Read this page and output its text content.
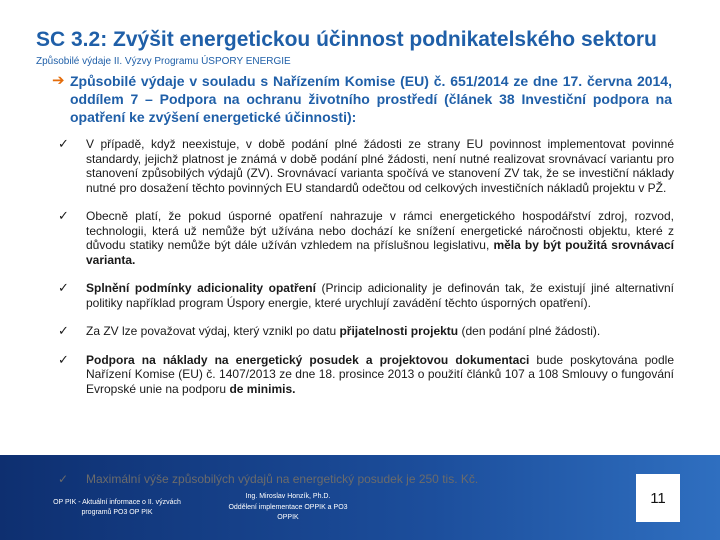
SC 3.2: Zvýšit energetickou účinnost podnikatelského sektoru
Způsobilé výdaje II. Výzvy Programu ÚSPORY ENERGIE
➔ Způsobilé výdaje v souladu s Nařízením Komise (EU) č. 651/2014 ze dne 17. června 2014, oddílem 7 – Podpora na ochranu životního prostředí (článek 38 Investiční podpora na opatření ke zvýšení energetické účinnosti):
✓ V případě, když neexistuje, v době podání plné žádosti ze strany EU povinnost implementovat povinné standardy, jejichž platnost je známá v době podání plné žádosti, není nutné realizovat srovnávací variantu pro stanovení způsobilých výdajů (ZV). Srovnávací varianta spočívá ve stanovení ZV tak, že se investiční náklady nutné pro dosažení těchto povinných EU standardů odečtou od celkových investičních nákladů projektu v PŽ.
✓ Obecně platí, že pokud úsporné opatření nahrazuje v rámci energetického hospodářství zdroj, rozvod, technologii, která už nemůže být užívána nebo dochází ke snížení energetické náročnosti objektu, které z důvodu statiky nemůže být dále užíván vzhledem na příslušnou legislativu, měla by být použitá srovnávací varianta.
✓ Splnění podmínky adicionality opatření (Princip adicionality je definován tak, že existují jiné alternativní politiky například program Úspory energie, které urychlují zavádění těchto úsporných opatření).
✓ Za ZV lze považovat výdaj, který vznikl po datu přijatelnosti projektu (den podání plné žádosti).
✓ Podpora na náklady na energetický posudek a projektovou dokumentaci bude poskytována podle Nařízení Komise (EU) č. 1407/2013 ze dne 18. prosince 2013 o použití článků 107 a 108 Smlouvy o fungování Evropské unie na podporu de minimis.
✓	Maximální výše způsobilých výdajů na energetický posudek je 250 tis. Kč.
OP PIK - Aktuální informace o II. výzvách
programů PO3 OP PIK
Ing. Miroslav Honzík, Ph.D.
Oddělení implementace OPPIK a PO3
OPPIK
11
